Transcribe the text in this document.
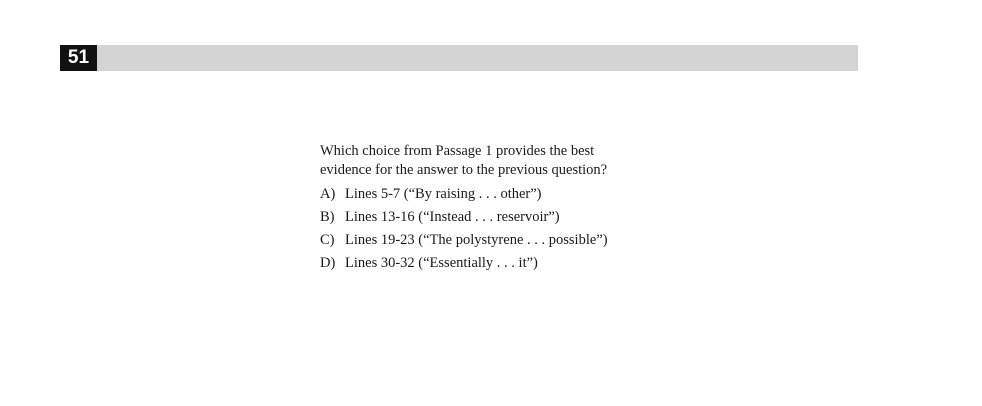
51

Which choice from Passage 1 provides the best evidence for the answer to the previous question?

A) Lines 5-7 (“By raising . . . other”)
B) Lines 13-16 (“Instead . . . reservoir”)
C) Lines 19-23 (“The polystyrene . . . possible”)
D) Lines 30-32 (“Essentially . . . it”)
